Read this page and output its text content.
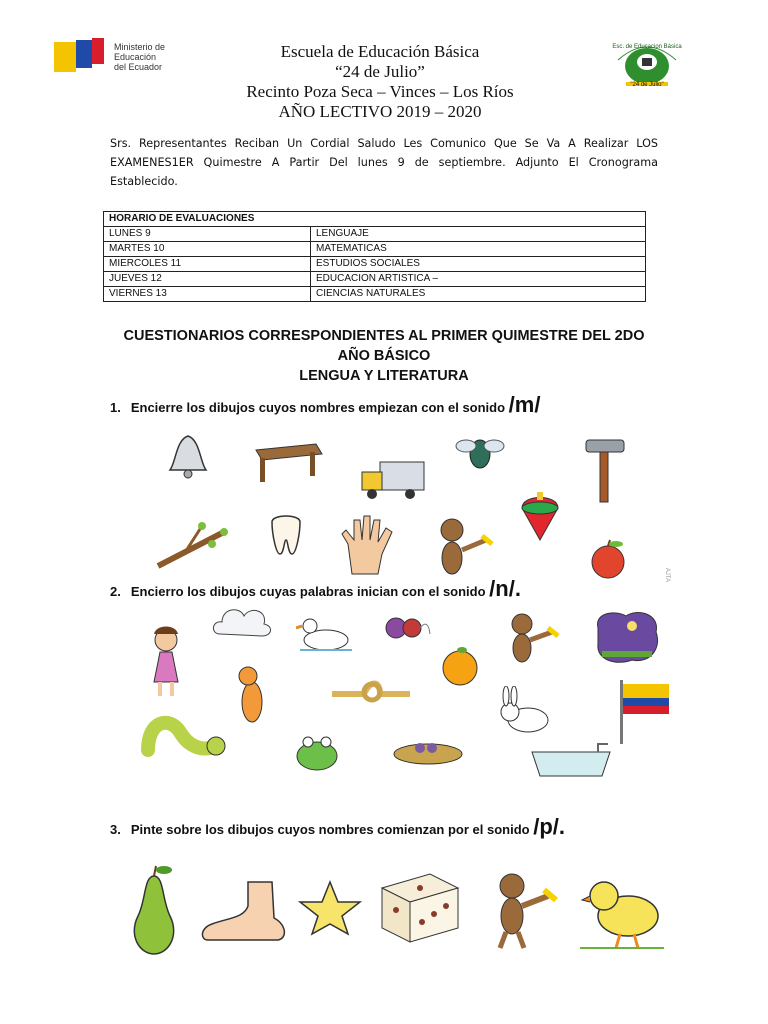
Ministerio de
Educación
del Ecuador
Escuela de Educación Básica
“24 de Julio”
Recinto Poza Seca – Vinces – Los Ríos
AÑO LECTIVO 2019 – 2020
Esc. de Educacion Básica
"24 de Julio"
Srs. Representantes Reciban Un Cordial Saludo Les Comunico Que Se Va A Realizar LOS EXAMENES1ER Quimestre A Partir Del lunes 9 de septiembre. Adjunto El Cronograma Establecido.
HORARIO DE EVALUACIONES	
LUNES 9	LENGUAJE
MARTES 10	MATEMATICAS
MIERCOLES 11	ESTUDIOS SOCIALES
JUEVES 12	EDUCACION ARTISTICA –
VIERNES 13	CIENCIAS NATURALES
CUESTIONARIOS CORRESPONDIENTES AL PRIMER QUIMESTRE DEL 2DO
AÑO BÁSICO
LENGUA Y LITERATURA
1. Encierre los dibujos cuyos nombres empiezan con el sonido /m/
2. Encierro los dibujos cuyas palabras inician con el sonido /n/.
AJTA
3. Pinte sobre los dibujos cuyos nombres comienzan por el sonido /p/.
